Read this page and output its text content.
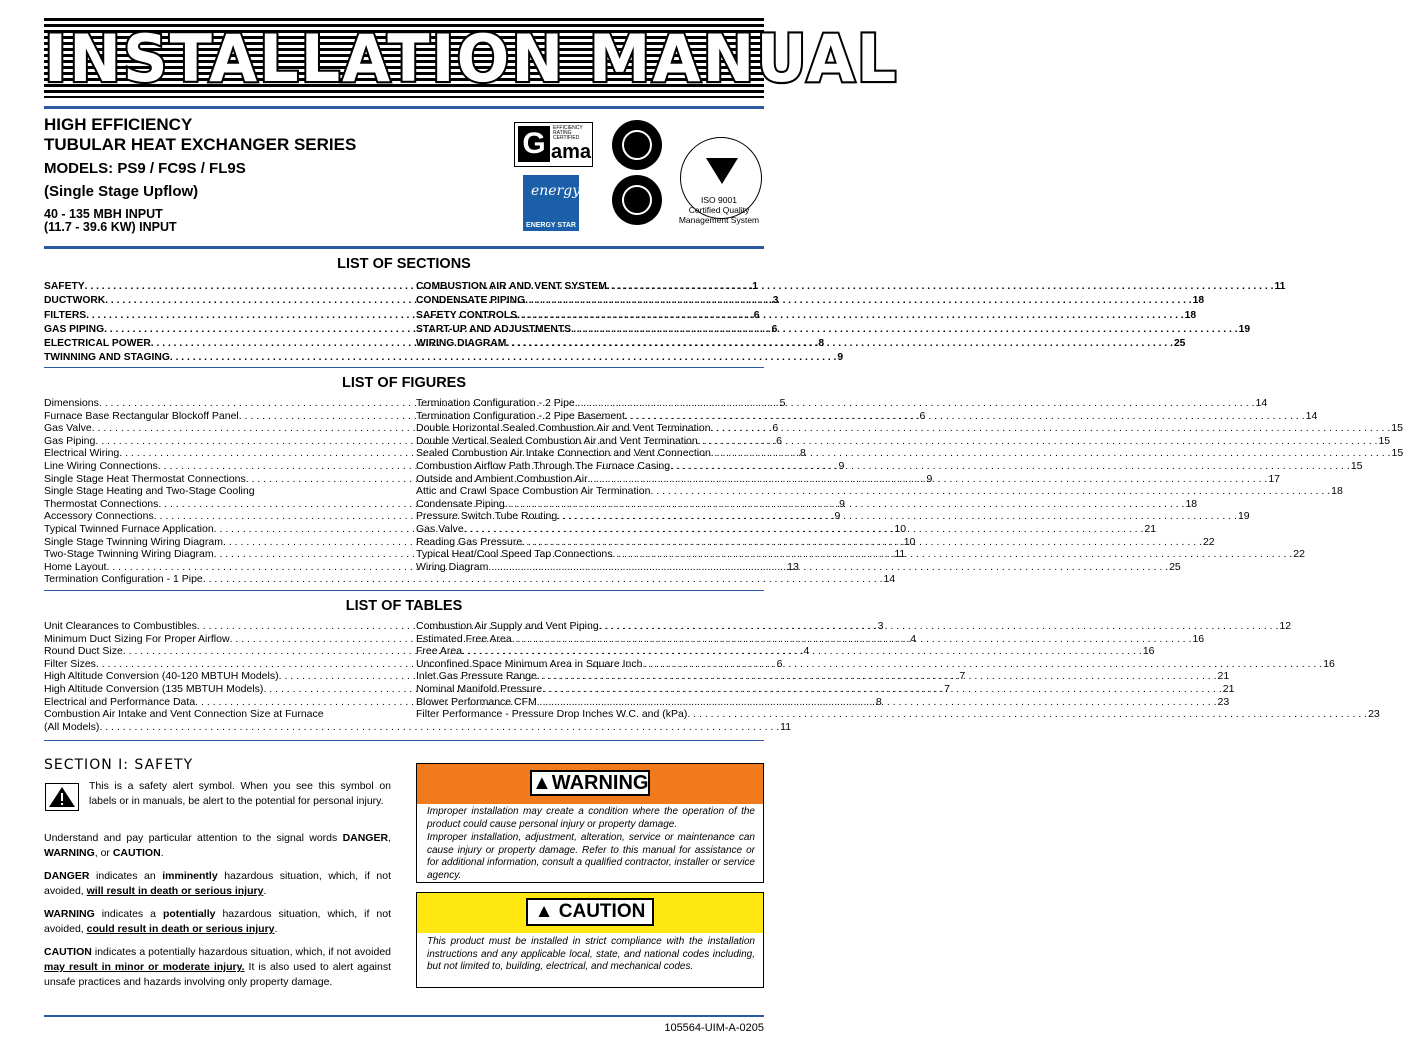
INSTALLATION MANUAL
HIGH EFFICIENCY
TUBULAR HEAT EXCHANGER SERIES
MODELS: PS9 / FC9S / FL9S
(Single Stage Upflow)
40 - 135 MBH INPUT
(11.7 - 39.6 KW) INPUT
G	EFFICIENCY RATING CERTIFIED
ama
energy
ENERGY STAR
ISO 9001
Certified Quality
Management System
LIST OF SECTIONS
SAFETY . . .	1
DUCTWORK . . .	3
FILTERS . . .	6
GAS PIPING . . .	6
ELECTRICAL POWER . . .	8
TWINNING AND STAGING . . .	9
COMBUSTION AIR AND VENT SYSTEM . . .	11
CONDENSATE PIPING . . .	18
SAFETY CONTROLS . . .	18
START-UP AND ADJUSTMENTS . . .	19
WIRING DIAGRAM . . .	25
LIST OF FIGURES
Dimensions . . .	5
Furnace Base Rectangular Blockoff Panel . . .	6
Gas Valve . . .	6
Gas Piping . . .	6
Electrical Wiring . . .	8
Line Wiring Connections . . .	9
Single Stage Heat Thermostat Connections . . .	9
Single Stage Heating and Two-Stage Cooling
Thermostat Connections . . .	9
Accessory Connections . . .	9
Typical Twinned Furnace Application . . .	10
Single Stage Twinning Wiring Diagram . . .	10
Two-Stage Twinning Wiring Diagram . . .	11
Home Layout . . .	13
Termination Configuration - 1 Pipe . . .	14
Termination Configuration - 2 Pipe . . .	14
Termination Configuration - 2 Pipe Basement . . .	14
Double Horizontal Sealed Combustion Air and Vent Termination . . .	15
Double Vertical Sealed Combustion Air and Vent Termination . . .	15
Sealed Combustion Air Intake Connection and Vent Connection . . .	15
Combustion Airflow Path Through The Furnace Casing . . .	15
Outside and Ambient Combustion Air . . .	17
Attic and Crawl Space Combustion Air Termination . . .	18
Condensate Piping . . .	18
Pressure Switch Tube Routing . . .	19
Gas Valve . . .	21
Reading Gas Pressure . . .	22
Typical Heat/Cool Speed Tap Connections . . .	22
Wiring Diagram . . .	25
LIST OF TABLES
Unit Clearances to Combustibles . . .	3
Minimum Duct Sizing For Proper Airflow . . .	4
Round Duct Size . . .	4
Filter Sizes . . .	6
High Altitude Conversion (40-120 MBTUH Models) . . .	7
High Altitude Conversion (135 MBTUH Models) . . .	7
Electrical and Performance Data . . .	8
Combustion Air Intake and Vent Connection Size at Furnace
(All Models) . . .	11
Combustion Air Supply and Vent Piping . . .	12
Estimated Free Area . . .	16
Free Area . . .	16
Unconfined Space Minimum Area in Square Inch . . .	16
Inlet Gas Pressure Range . . .	21
Nominal Manifold Pressure . . .	21
Blower Performance CFM . . .	23
Filter Performance - Pressure Drop Inches W.C. and (kPa) . . .	23
SECTION I: SAFETY
This is a safety alert symbol. When you see this symbol on labels or in manuals, be alert to the potential for personal injury.
Understand and pay particular attention to the signal words DANGER, WARNING, or CAUTION.
DANGER indicates an imminently hazardous situation, which, if not avoided, will result in death or serious injury.
WARNING indicates a potentially hazardous situation, which, if not avoided, could result in death or serious injury.
CAUTION indicates a potentially hazardous situation, which, if not avoided may result in minor or moderate injury. It is also used to alert against unsafe practices and hazards involving only property damage.
▲WARNING
Improper installation may create a condition where the operation of the product could cause personal injury or property damage.
Improper installation, adjustment, alteration, service or maintenance can cause injury or property damage. Refer to this manual for assistance or for additional information, consult a qualified contractor, installer or service agency.
▲ CAUTION
This product must be installed in strict compliance with the installation instructions and any applicable local, state, and national codes including, but not limited to, building, electrical, and mechanical codes.
105564-UIM-A-0205
